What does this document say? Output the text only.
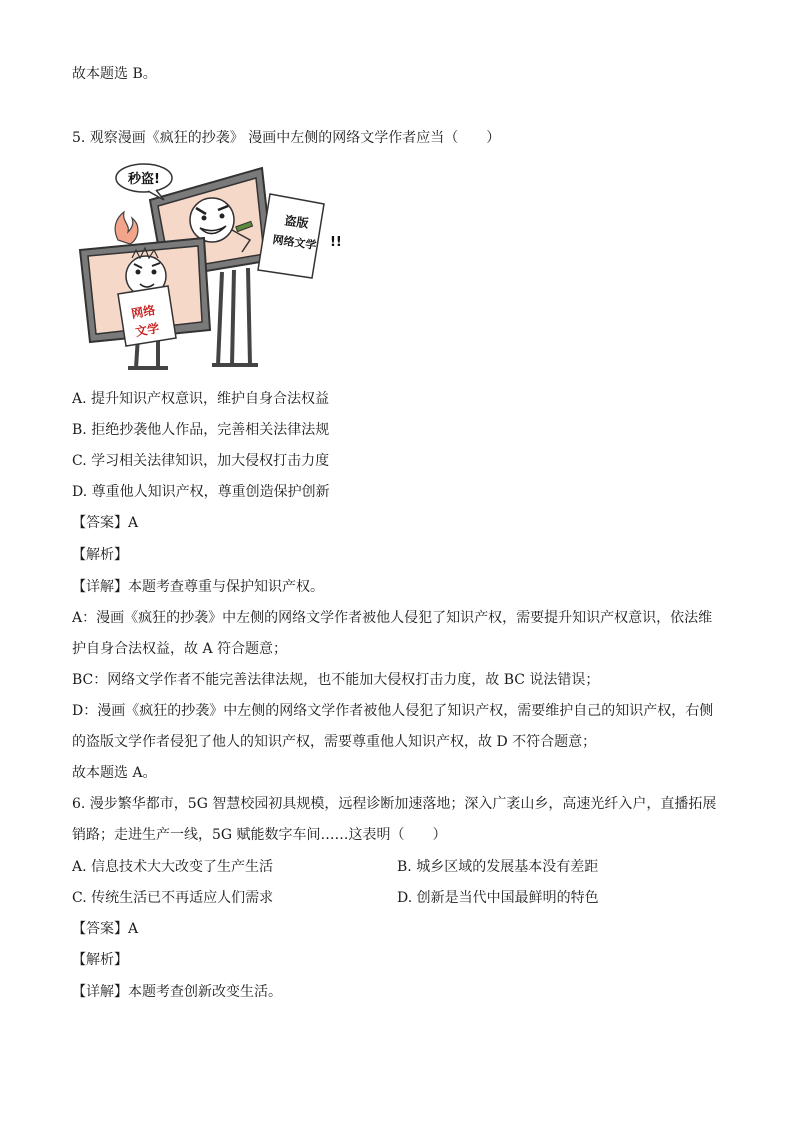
故本题选 B。
5. 观察漫画《疯狂的抄袭》 漫画中左侧的网络文学作者应当（　　）
秒盗!
盗版
网络文学 !!
网络
文学
A. 提升知识产权意识，维护自身合法权益
B. 拒绝抄袭他人作品，完善相关法律法规
C. 学习相关法律知识，加大侵权打击力度
D. 尊重他人知识产权，尊重创造保护创新
【答案】A
【解析】
【详解】本题考查尊重与保护知识产权。
A：漫画《疯狂的抄袭》中左侧的网络文学作者被他人侵犯了知识产权，需要提升知识产权意识，依法维
护自身合法权益，故 A 符合题意；
BC：网络文学作者不能完善法律法规，也不能加大侵权打击力度，故 BC 说法错误；
D：漫画《疯狂的抄袭》中左侧的网络文学作者被他人侵犯了知识产权，需要维护自己的知识产权，右侧
的盗版文学作者侵犯了他人的知识产权，需要尊重他人知识产权，故 D 不符合题意；
故本题选 A。
6. 漫步繁华都市，5G 智慧校园初具规模，远程诊断加速落地；深入广袤山乡，高速光纤入户，直播拓展
销路；走进生产一线，5G 赋能数字车间……这表明（　　）
A. 信息技术大大改变了生产生活	B. 城乡区域的发展基本没有差距
C. 传统生活已不再适应人们需求	D. 创新是当代中国最鲜明的特色
【答案】A
【解析】
【详解】本题考查创新改变生活。
